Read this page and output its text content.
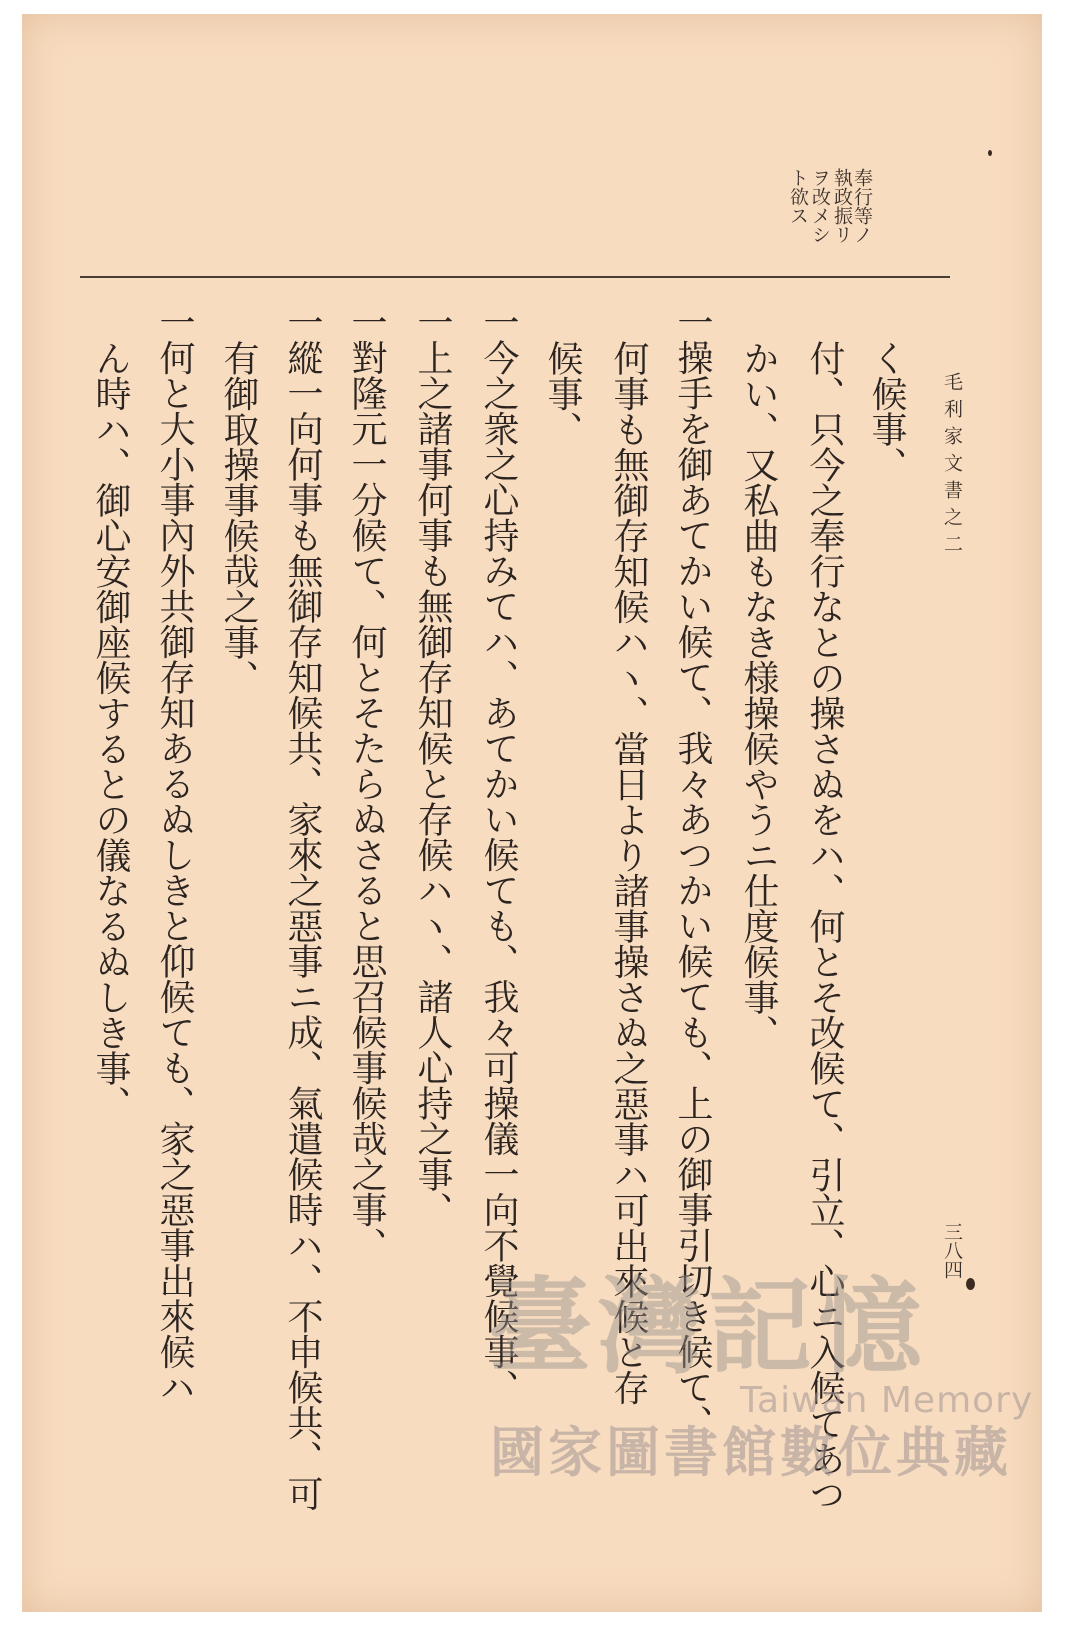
毛利家文書之二
三八四
奉行等ノ
執政振リ
ヲ改メシ
ト欲ス
く候事、
付、只今之奉行なとの操さぬをハ、何とそ改候て、引立、心ニ入候てあつ
かい、又私曲もなき様操候やうニ仕度候事、
一操手を御あてかい候て、我々あつかい候ても、上の御事引切き候て、
何事も無御存知候ハヽ、當日より諸事操さぬ之惡事ハ可出來候と存
候事、
一今之衆之心持みてハ、あてかい候ても、我々可操儀一向不覺候事、
一上之諸事何事も無御存知候と存候ハヽ、諸人心持之事、
一對隆元一分候て、何とそたらぬさると思召候事候哉之事、
一縱一向何事も無御存知候共、家來之惡事ニ成、氣遣候時ハ、不申候共、可
有御取操事候哉之事、
一何と大小事內外共御存知あるぬしきと仰候ても、家之惡事出來候ハ
ん時ハ、御心安御座候するとの儀なるぬしき事、
臺灣記憶
Taiwan Memory
國家圖書館數位典藏
